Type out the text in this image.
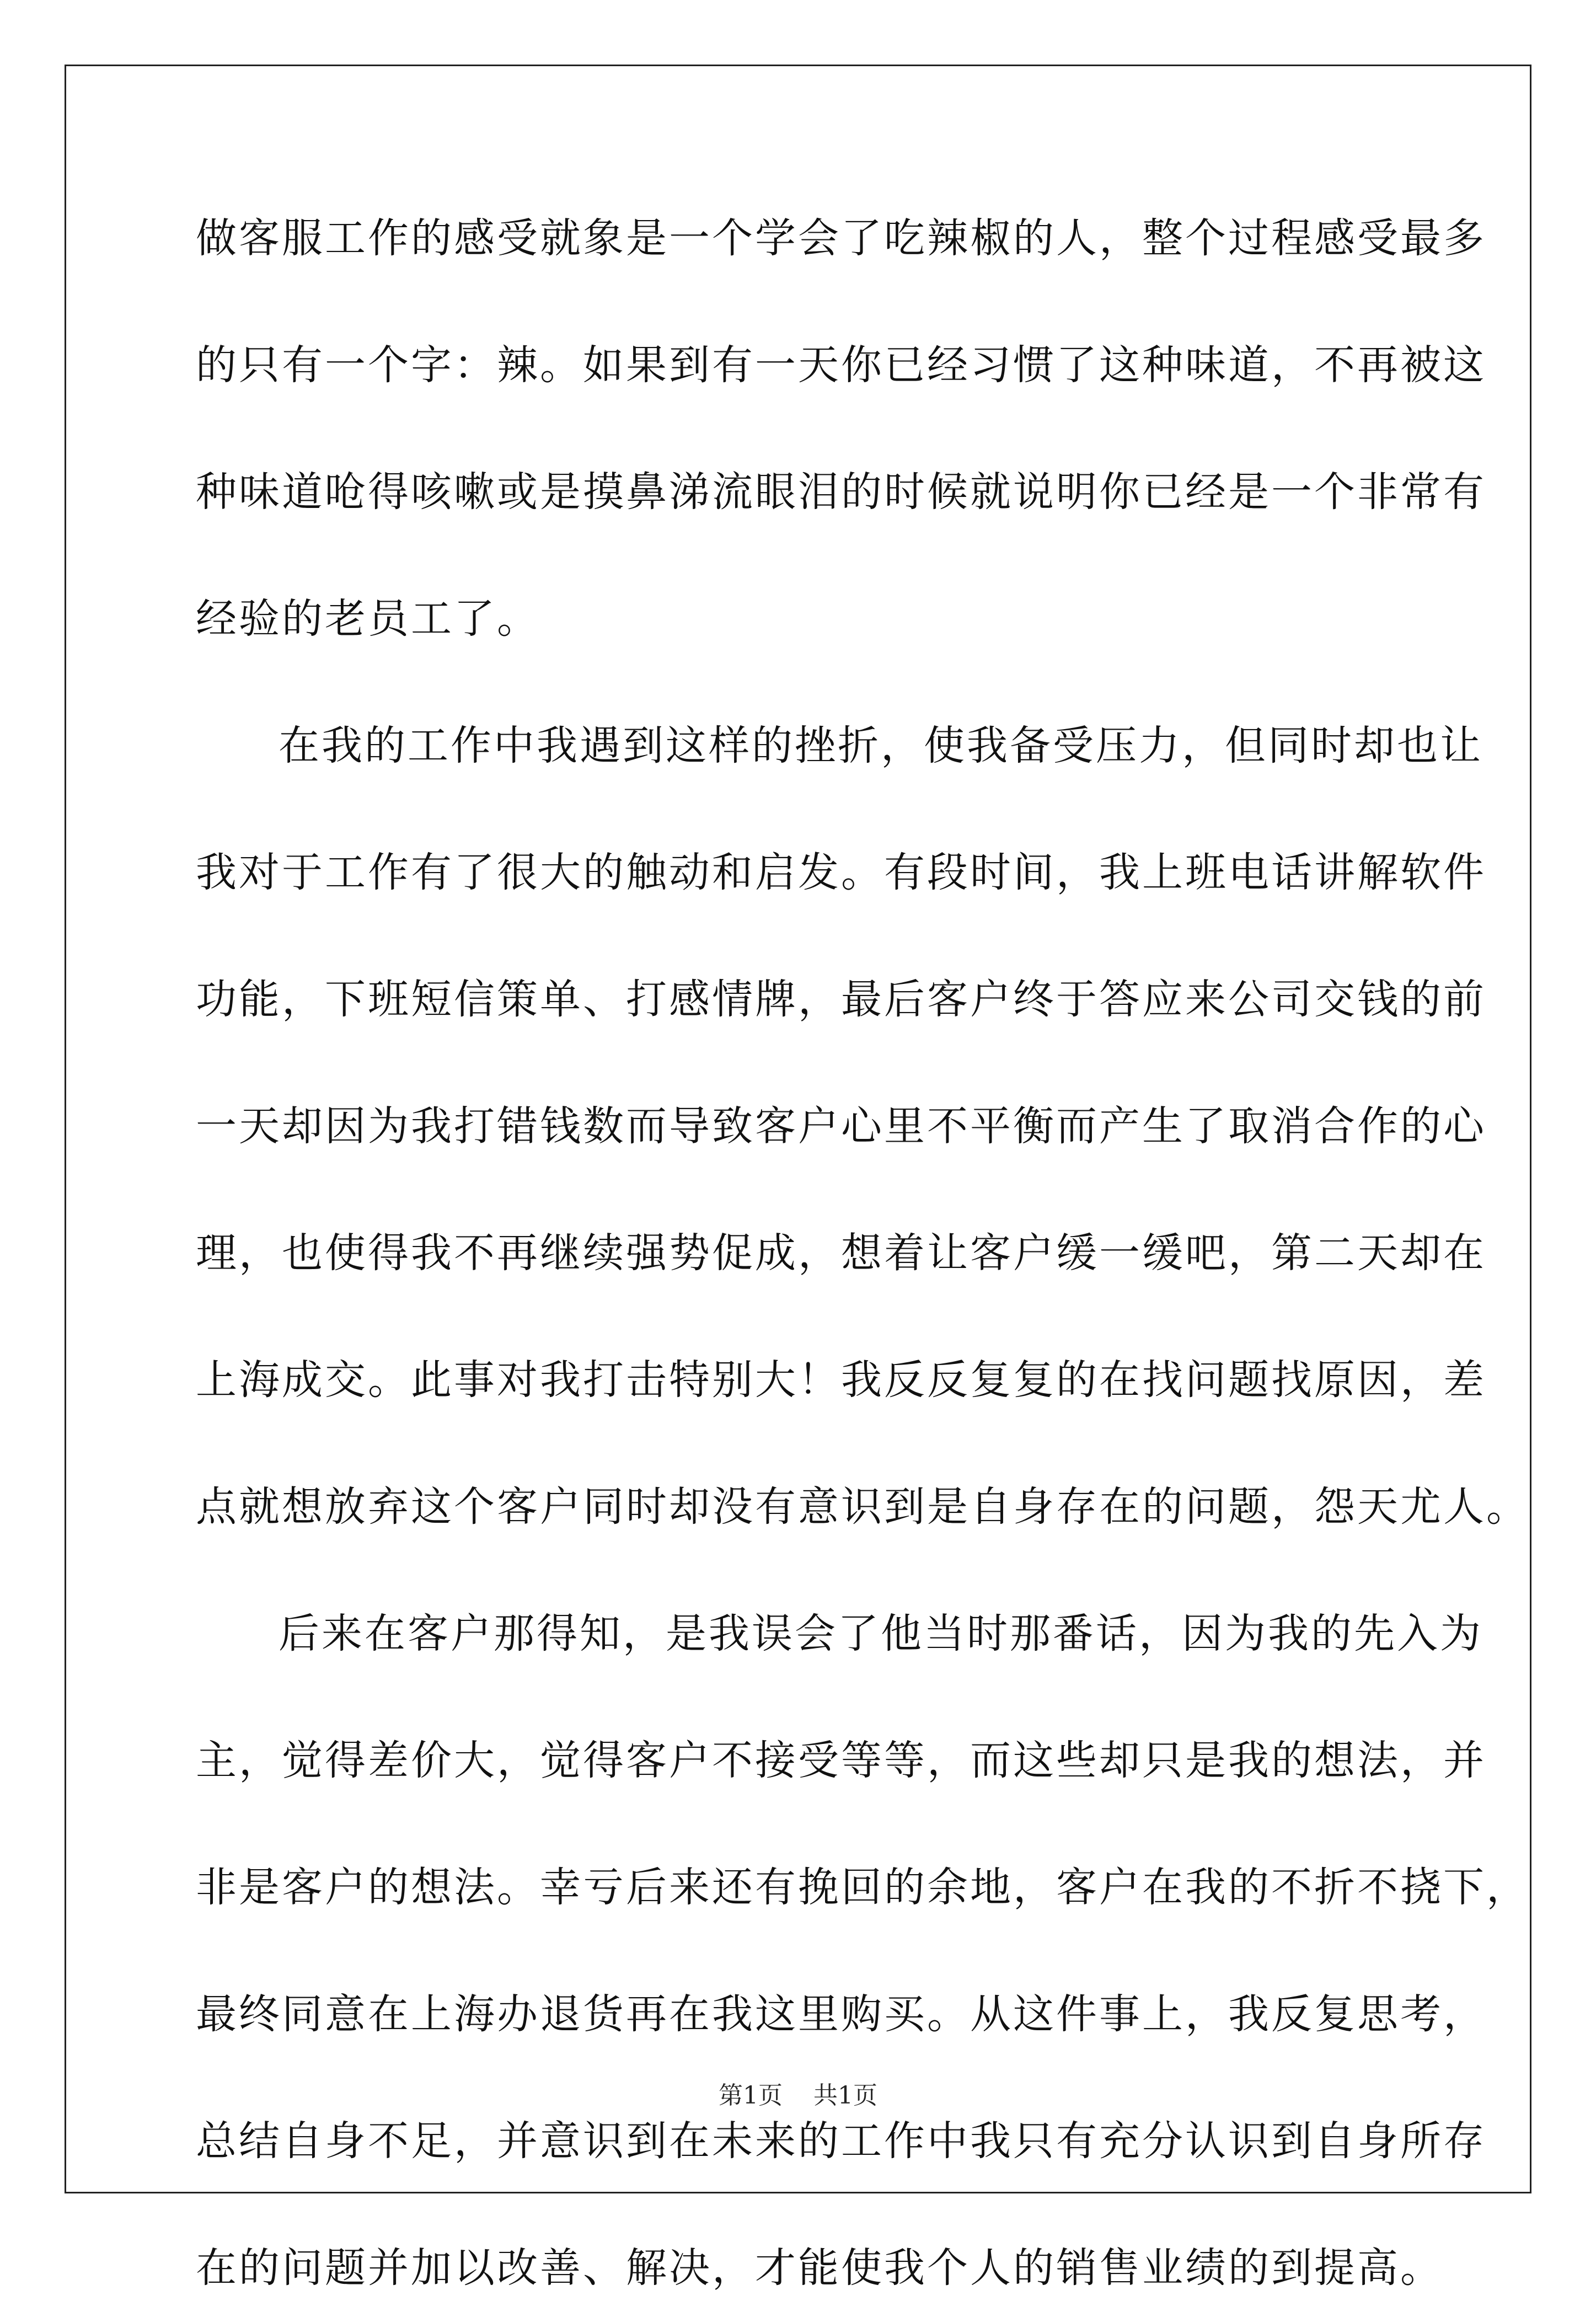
做客服工作的感受就象是一个学会了吃辣椒的人，整个过程感受最多
的只有一个字：辣。如果到有一天你已经习惯了这种味道，不再被这
种味道呛得咳嗽或是摸鼻涕流眼泪的时候就说明你已经是一个非常有
经验的老员工了。
在我的工作中我遇到这样的挫折，使我备受压力，但同时却也让
我对于工作有了很大的触动和启发。有段时间，我上班电话讲解软件
功能，下班短信策单、打感情牌，最后客户终于答应来公司交钱的前
一天却因为我打错钱数而导致客户心里不平衡而产生了取消合作的心
理，也使得我不再继续强势促成，想着让客户缓一缓吧，第二天却在
上海成交。此事对我打击特别大！我反反复复的在找问题找原因，差
点就想放弃这个客户同时却没有意识到是自身存在的问题，怨天尤人。
后来在客户那得知，是我误会了他当时那番话，因为我的先入为
主，觉得差价大，觉得客户不接受等等，而这些却只是我的想法，并
非是客户的想法。幸亏后来还有挽回的余地，客户在我的不折不挠下，
最终同意在上海办退货再在我这里购买。从这件事上，我反复思考，
总结自身不足，并意识到在未来的工作中我只有充分认识到自身所存
在的问题并加以改善、解决，才能使我个人的销售业绩的到提高。
第1页 共1页
